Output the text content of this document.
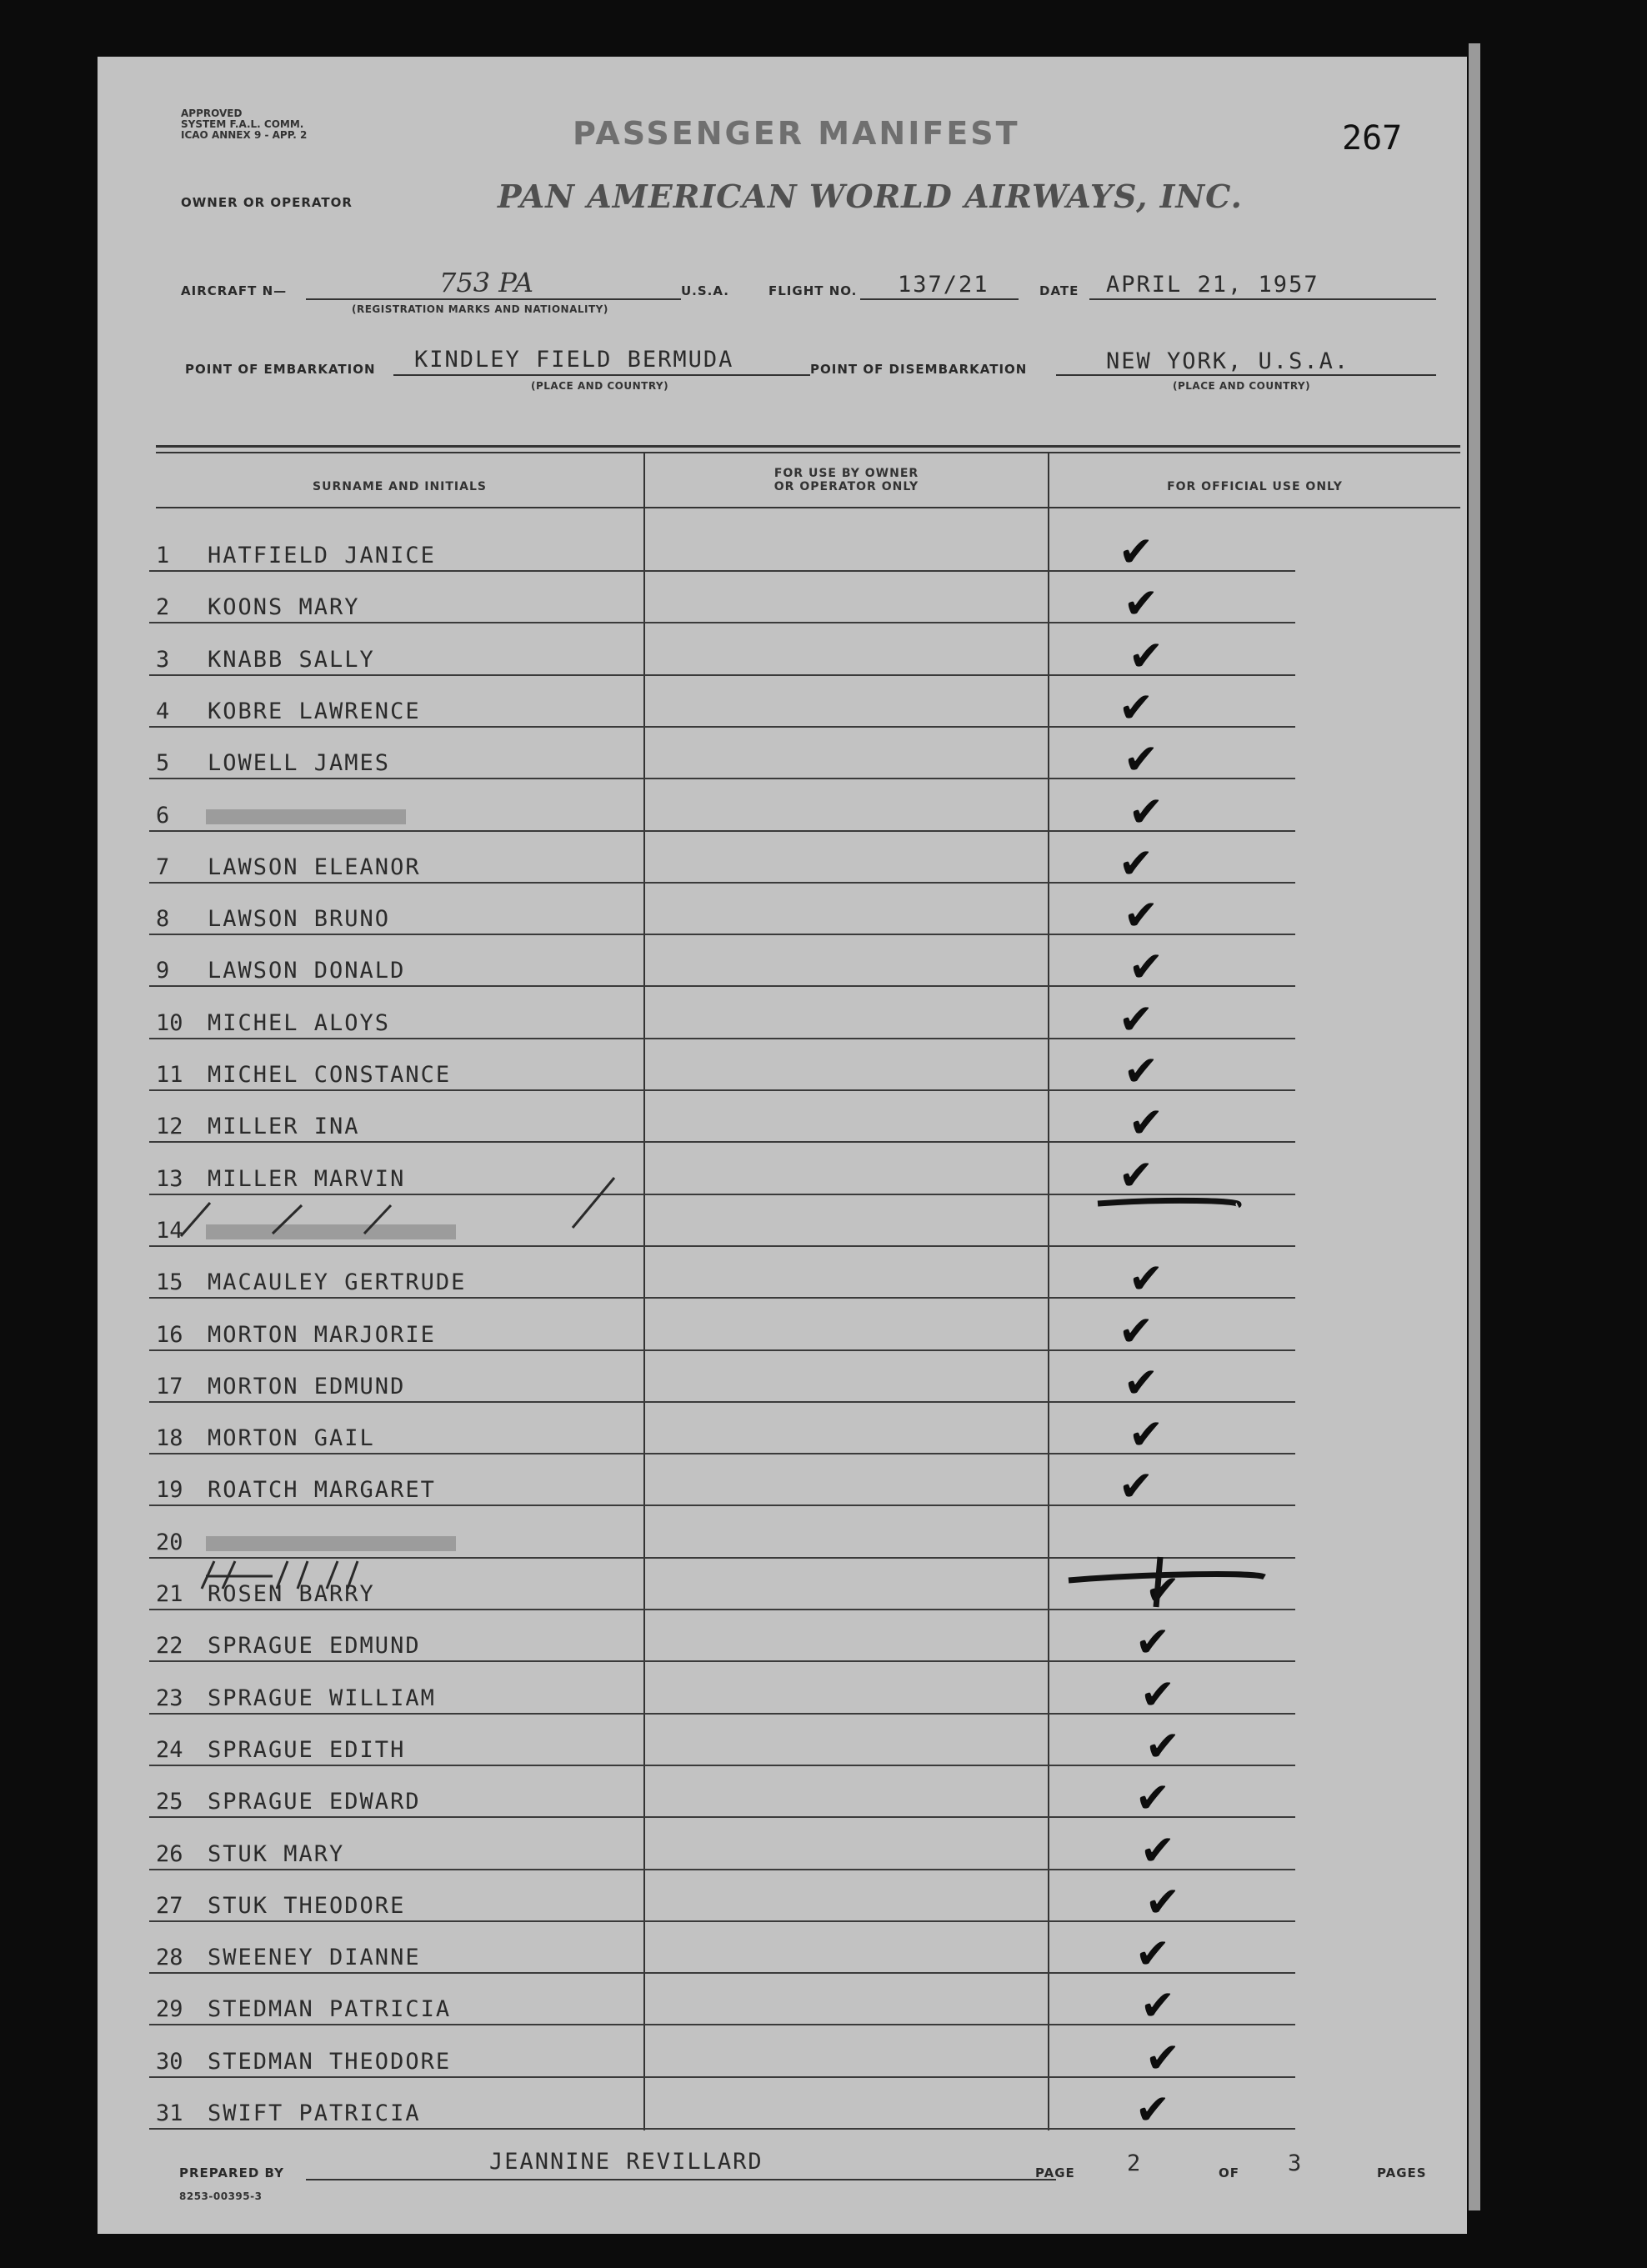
APPROVED
SYSTEM F.A.L. COMM.
ICAO ANNEX 9 - APP. 2	PASSENGER MANIFEST	267
OWNER OR OPERATOR	PAN AMERICAN WORLD AIRWAYS, INC.
AIRCRAFT N—	753 PA
(REGISTRATION MARKS AND NATIONALITY)
U.S.A.	FLIGHT NO. 137/21	DATE APRIL 21, 1957
POINT OF EMBARKATION KINDLEY FIELD BERMUDA
(PLACE AND COUNTRY)
POINT OF DISEMBARKATION	NEW YORK, U.S.A.
(PLACE AND COUNTRY)
SURNAME AND INITIALS
FOR USE BY OWNER
OR OPERATOR ONLY	FOR OFFICIAL USE ONLY
1	HATFIELD JANICE	✔
2	KOONS MARY	✔
3	KNABB SALLY	✔
4	KOBRE LAWRENCE	✔
5	LOWELL JAMES	✔
6	✔
7	LAWSON ELEANOR	✔
8	LAWSON BRUNO	✔
9	LAWSON DONALD	✔
10	MICHEL ALOYS	✔
11	MICHEL CONSTANCE	✔
12	MILLER INA	✔
13	MILLER MARVIN	✔
14
15	MACAULEY GERTRUDE	✔
16	MORTON MARJORIE	✔
17	MORTON EDMUND	✔
18	MORTON GAIL	✔
19	ROATCH MARGARET	✔
20
21	ROSEN BARRY	✔
22	SPRAGUE EDMUND	✔
23	SPRAGUE WILLIAM	✔
24	SPRAGUE EDITH	✔
25	SPRAGUE EDWARD	✔
26	STUK MARY	✔
27	STUK THEODORE	✔
28	SWEENEY DIANNE	✔
29	STEDMAN PATRICIA	✔
30	STEDMAN THEODORE	✔
31	SWIFT PATRICIA	✔
PREPARED BY	JEANNINE REVILLARD	PAGE 2	OF 3	PAGES
8253-00395-3
